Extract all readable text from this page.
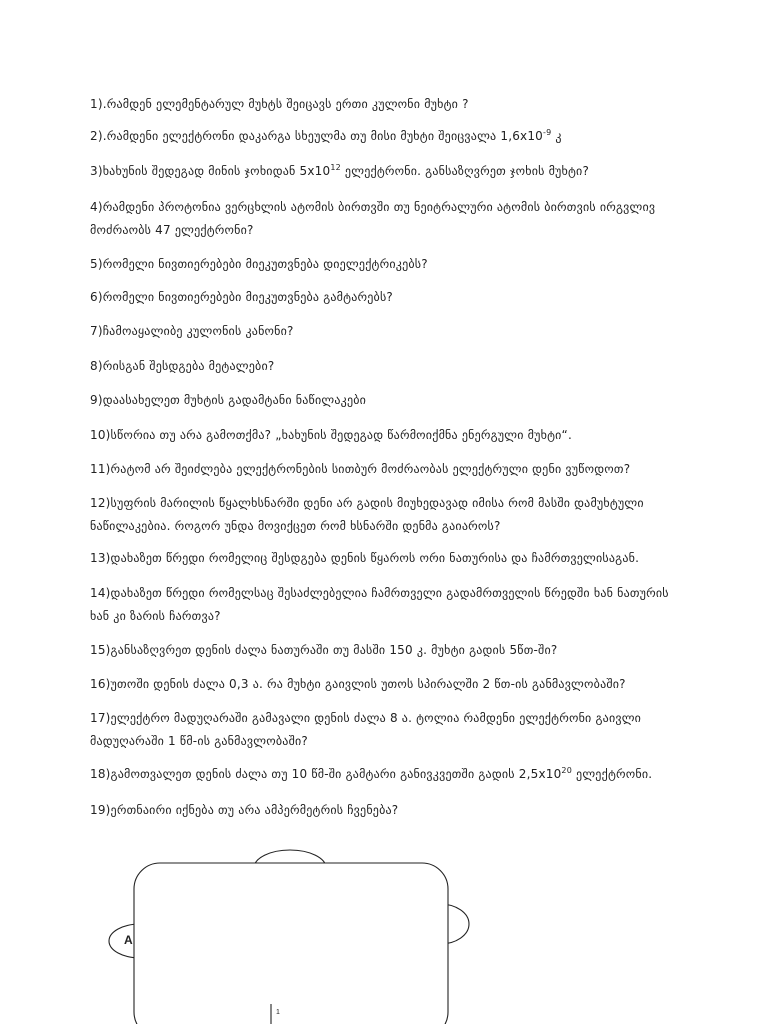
1).რამდენ ელემენტარულ მუხტს შეიცავს ერთი კულონი მუხტი ?
2).რამდენი ელექტრონი დაკარგა სხეულმა თუ მისი მუხტი შეიცვალა $1,6x10^{-9}$ კ
3)ხახუნის შედეგად მინის ჯოხიდან $5x10^{12}$ ელექტრონი. განსაზღვრეთ ჯოხის მუხტი?
4)რამდენი პროტონია ვერცხლის ატომის ბირთვში თუ ნეიტრალური ატომის ბირთვის ირგვლივ მოძრაობს 47 ელექტრონი?
5)რომელი ნივთიერებები მიეკუთვნება დიელექტრიკებს?
6)რომელი ნივთიერებები მიეკუთვნება გამტარებს?
7)ჩამოაყალიბე კულონის კანონი?
8)რისგან შესდგება მეტალები?
9)დაასახელეთ მუხტის გადამტანი ნაწილაკები
10)სწორია თუ არა გამოთქმა? „ხახუნის შედეგად წარმოიქმნა ენერგული მუხტი“.
11)რატომ არ შეიძლება ელექტრონების სითბურ მოძრაობას ელექტრული დენი ვუწოდოთ?
12)სუფრის მარილის წყალხსნარში დენი არ გადის მიუხედავად იმისა რომ მასში დამუხტული ნაწილაკებია. როგორ უნდა მოვიქცეთ რომ ხსნარში დენმა გაიაროს?
13)დახაზეთ წრედი რომელიც შესდგება დენის წყაროს ორი ნათურისა და ჩამრთველისაგან.
14)დახაზეთ წრედი რომელსაც შესაძლებელია ჩამრთველი გადამრთველის წრედში ხან ნათურის ხან კი ზარის ჩართვა?
15)განსაზღვრეთ დენის ძალა ნათურაში თუ მასში 150 კ. მუხტი გადის 5წთ-ში?
16)უთოში დენის ძალა 0,3 ა. რა მუხტი გაივლის უთოს სპირალში 2 წთ-ის განმავლობაში?
17)ელექტრო მადუღარაში გამავალი დენის ძალა 8 ა. ტოლია რამდენი ელექტრონი გაივლი მადუღარაში 1 წმ-ის განმავლობაში?
18)გამოთვალეთ დენის ძალა თუ 10 წმ-ში გამტარი განივკვეთში გადის $2,5x10^{20}$ ელექტრონი.
19)ერთნაირი იქნება თუ არა ამპერმეტრის ჩვენება?
1
A
